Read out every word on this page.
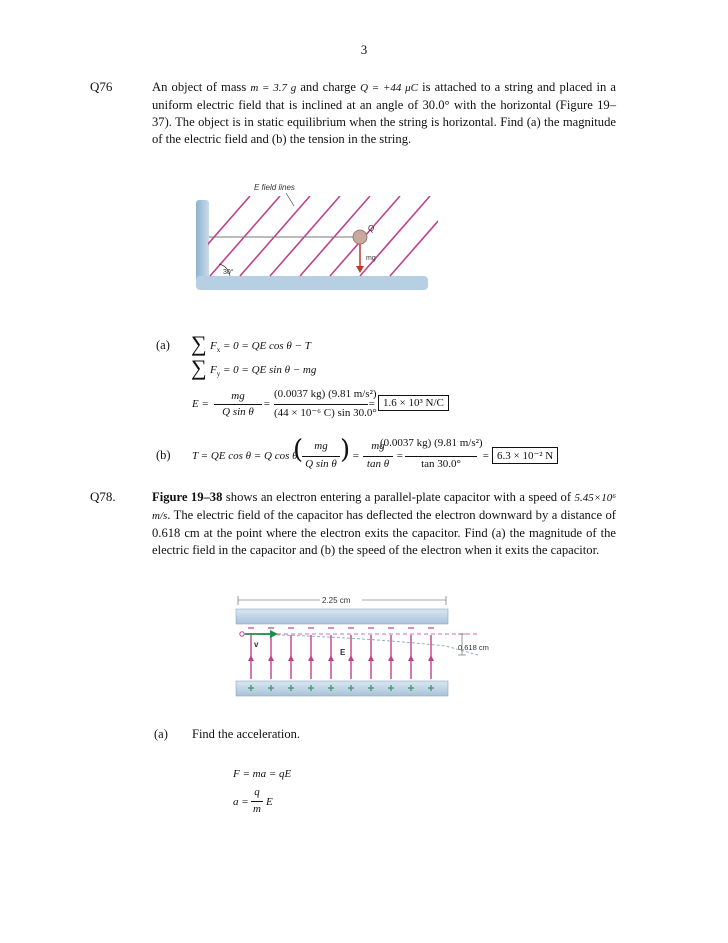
3
Q76	An object of mass m = 3.7 g and charge Q = +44 μC is attached to a string and placed in a uniform electric field that is inclined at an angle of 30.0° with the horizontal (Figure 19–37). The object is in static equilibrium when the string is horizontal. Find (a) the magnitude of the electric field and (b) the tension in the string.
Q
mg
E field lines
30°
(a) ∑ $F_x = 0$ = QE cos θ − T
∑ $F_y = 0$ = QE sin θ − mg
E =
mg
Q sin θ
=
(0.0037 kg) (9.81 m/s²)
(44 × 10⁻⁶ C) sin 30.0°
= 1.6 × 10³ N/C
(b) T = QE cos θ = Q cos θ
(	mg
Q sin θ ) =
mg
tan θ
=
(0.0037 kg) (9.81 m/s²)
tan 30.0°
= 6.3 × 10⁻² N
Q78.	Figure 19–38 shows an electron entering a parallel-plate capacitor with a speed of 5.45×10⁶ m/s. The electric field of the capacitor has deflected the electron downward by a distance of 0.618 cm at the point where the electron exits the capacitor. Find (a) the magnitude of the electric field in the capacitor and (b) the speed of the electron when it exits the capacitor.
2.25 cm
v
E
0.618 cm
(a) Find the acceleration.
F = ma = qE
a =
q
m
E
